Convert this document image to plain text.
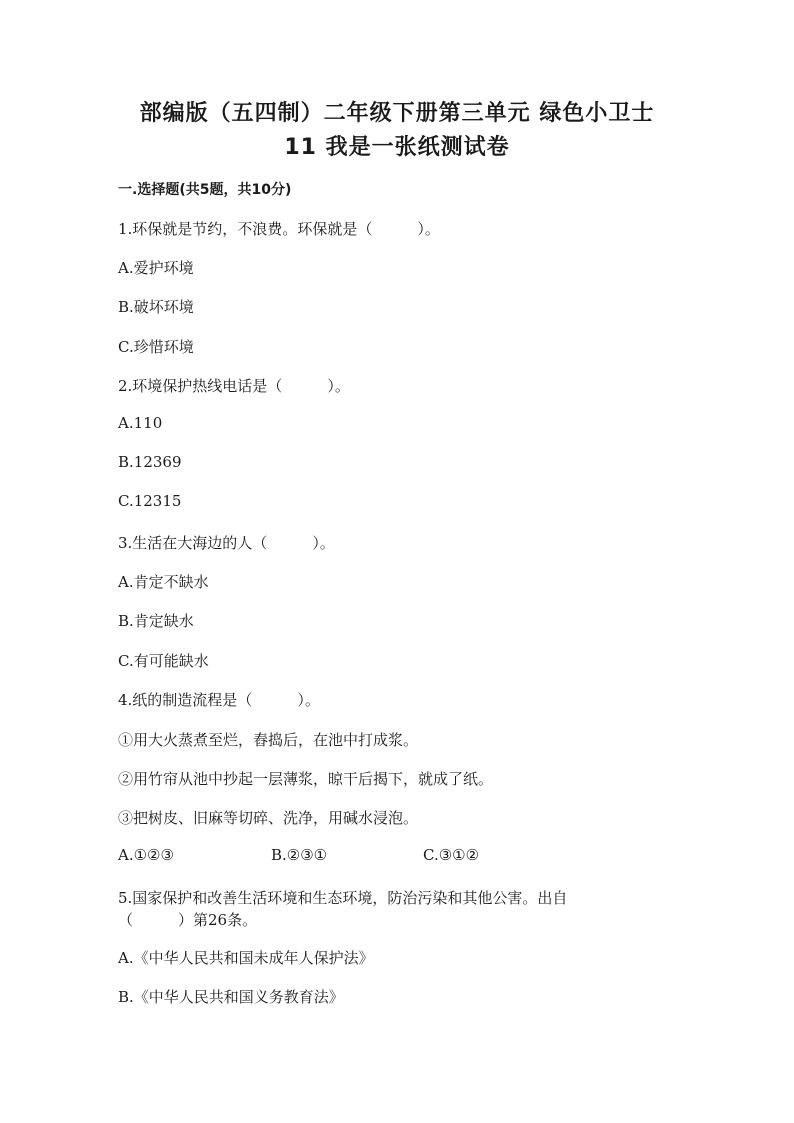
部编版（五四制）二年级下册第三单元 绿色小卫士
11 我是一张纸测试卷
一.选择题(共5题，共10分)
1.环保就是节约，不浪费。环保就是（　　　）。
A.爱护环境
B.破坏环境
C.珍惜环境
2.环境保护热线电话是（　　　）。
A.110
B.12369
C.12315
3.生活在大海边的人（　　　）。
A.肯定不缺水
B.肯定缺水
C.有可能缺水
4.纸的制造流程是（　　　）。
①用大火蒸煮至烂，舂捣后，在池中打成浆。
②用竹帘从池中抄起一层薄浆，晾干后揭下，就成了纸。
③把树皮、旧麻等切碎、洗净，用碱水浸泡。
A.①②③	B.②③①	C.③①②
5.国家保护和改善生活环境和生态环境，防治污染和其他公害。出自
（　　　）第26条。
A.《中华人民共和国未成年人保护法》
B.《中华人民共和国义务教育法》
